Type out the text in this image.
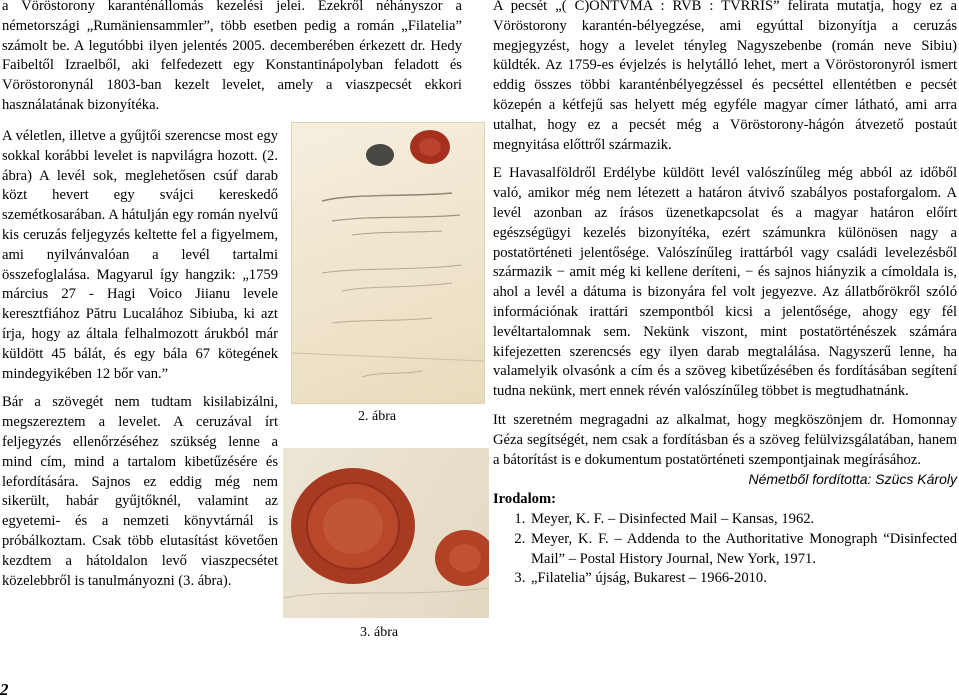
a Vöröstorony karanténállomás kezelési jelei. Ezekről néhányszor a németországi „Rumäniensammler”, több esetben pedig a román „Filatelia” számolt be. A legutóbbi ilyen jelentés 2005. decemberében érkezett dr. Hedy Faibeltől Izraelből, aki felfedezett egy Konstantinápolyban feladott és Vöröstoronynál 1803-ban kezelt levelet, amely a viaszpecsét ekkori használatának bizonyítéka.

A véletlen, illetve a gyűjtői szerencse most egy sokkal korábbi levelet is napvilágra hozott. (2. ábra) A levél sok, meglehetősen csúf darab közt hevert egy svájci kereskedő szemétkosarában. A hátulján egy román nyelvű kis ceruzás feljegyzés keltette fel a figyelmem, ami nyilvánvalóan a levél tartalmi összefoglalása. Magyarul így hangzik: „1759 március 27 - Hagi Voico Jiianu levele keresztfiához Pătru Lucalához Sibiuba, ki azt írja, hogy az általa felhalmozott árukból már küldött 45 bálát, és egy bála 67 kötegének mindegyikében 12 bőr van.”

Bár a szövegét nem tudtam kisilabizálni, megszereztem a levelet. A ceruzával írt feljegyzés ellenőrzéséhez szükség lenne a mind cím, mind a tartalom kibetűzésére és lefordítására. Sajnos ez eddig még nem sikerült, habár gyűjtőknél, valamint az egyetemi- és a nemzeti könyvtárnál is próbálkoztam. Csak több elutasítást követően kezdtem a hátoldalon levő viaszpecsétet közelebbről is tanulmányozni (3. ábra).

2. ábra
3. ábra

A pecsét „( C)ONTVMA : RVB : TVRRIS” felirata mutatja, hogy ez a Vöröstorony karantén-bélyegzése, ami egyúttal bizonyítja a ceruzás megjegyzést, hogy a levelet tényleg Nagyszebenbe (román neve Sibiu) küldték. Az 1759-es évjelzés is helytálló lehet, mert a Vöröstoronyról ismert eddig összes többi karanténbélyegzéssel és pecséttel ellentétben e pecsét közepén a kétfejű sas helyett még egyféle magyar címer látható, ami arra utalhat, hogy ez a pecsét még a Vöröstorony-hágón átvezető postaút megnyitása előttről származik.

E Havasalföldről Erdélybe küldött levél valószínűleg még abból az időből való, amikor még nem létezett a határon átvivő szabályos postaforgalom. A levél azonban az írásos üzenetkapcsolat és a magyar határon előírt egészségügyi kezelés bizonyítéka, ezért számunkra különösen nagy a postatörténeti jelentősége. Valószínűleg irattárból vagy családi levelezésből származik − amit még ki kellene deríteni, − és sajnos hiányzik a címoldala is, ahol a levél a dátuma is bizonyára fel volt jegyezve. Az állatbőrökről szóló információnak irattári szempontból kicsi a jelentősége, ahogy egy fél levéltartalomnak sem. Nekünk viszont, mint postatörténészek számára kifejezetten szerencsés egy ilyen darab megtalálása. Nagyszerű lenne, ha valamelyik olvasónk a cím és a szöveg kibetűzésében és fordításában segítení tudna nekünk, mert ennek révén valószínűleg többet is megtudhatnánk.

Itt szeretném megragadni az alkalmat, hogy megköszönjem dr. Homonnay Géza segítségét, nem csak a fordításban és a szöveg felülvizsgálatában, hanem a bátorítást is e dokumentum postatörténeti szempontjainak megírásához.

Németből fordította: Szücs Károly

Irodalom:

1. Meyer, K. F. – Disinfected Mail – Kansas, 1962.
2. Meyer, K. F. – Addenda to the Authoritative Monograph “Disinfected Mail” – Postal History Journal, New York, 1971.
3. „Filatelia” újság, Bukarest – 1966-2010.
2
